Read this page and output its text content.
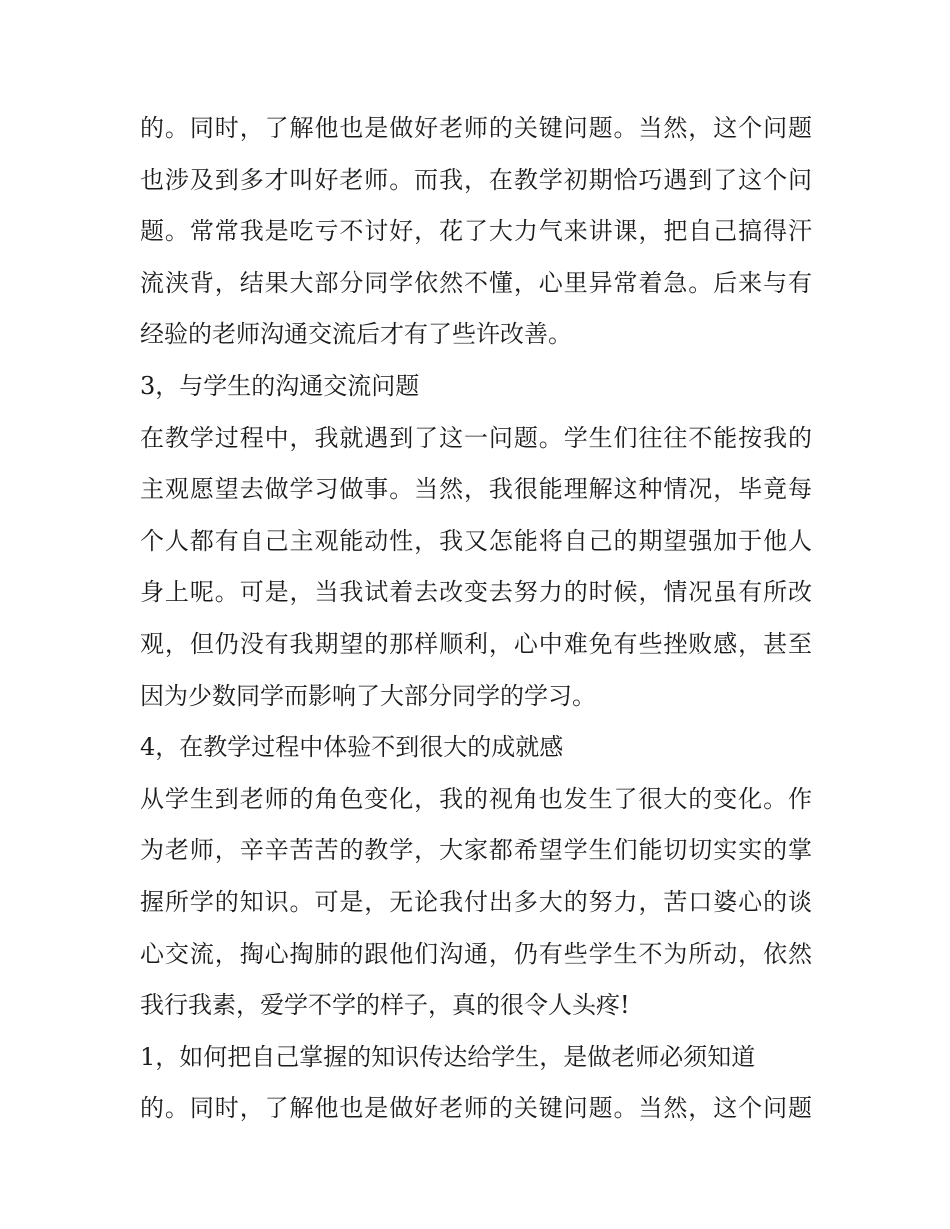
的。同时，了解他也是做好老师的关键问题。当然，这个问题
也涉及到多才叫好老师。而我，在教学初期恰巧遇到了这个问
题。常常我是吃亏不讨好，花了大力气来讲课，把自己搞得汗
流浃背，结果大部分同学依然不懂，心里异常着急。后来与有
经验的老师沟通交流后才有了些许改善。
3，与学生的沟通交流问题
在教学过程中，我就遇到了这一问题。学生们往往不能按我的
主观愿望去做学习做事。当然，我很能理解这种情况，毕竟每
个人都有自己主观能动性，我又怎能将自己的期望强加于他人
身上呢。可是，当我试着去改变去努力的时候，情况虽有所改
观，但仍没有我期望的那样顺利，心中难免有些挫败感，甚至
因为少数同学而影响了大部分同学的学习。
4，在教学过程中体验不到很大的成就感
从学生到老师的角色变化，我的视角也发生了很大的变化。作
为老师，辛辛苦苦的教学，大家都希望学生们能切切实实的掌
握所学的知识。可是，无论我付出多大的努力，苦口婆心的谈
心交流，掏心掏肺的跟他们沟通，仍有些学生不为所动，依然
我行我素，爱学不学的样子，真的很令人头疼!
1，如何把自己掌握的知识传达给学生，是做老师必须知道
的。同时，了解他也是做好老师的关键问题。当然，这个问题
